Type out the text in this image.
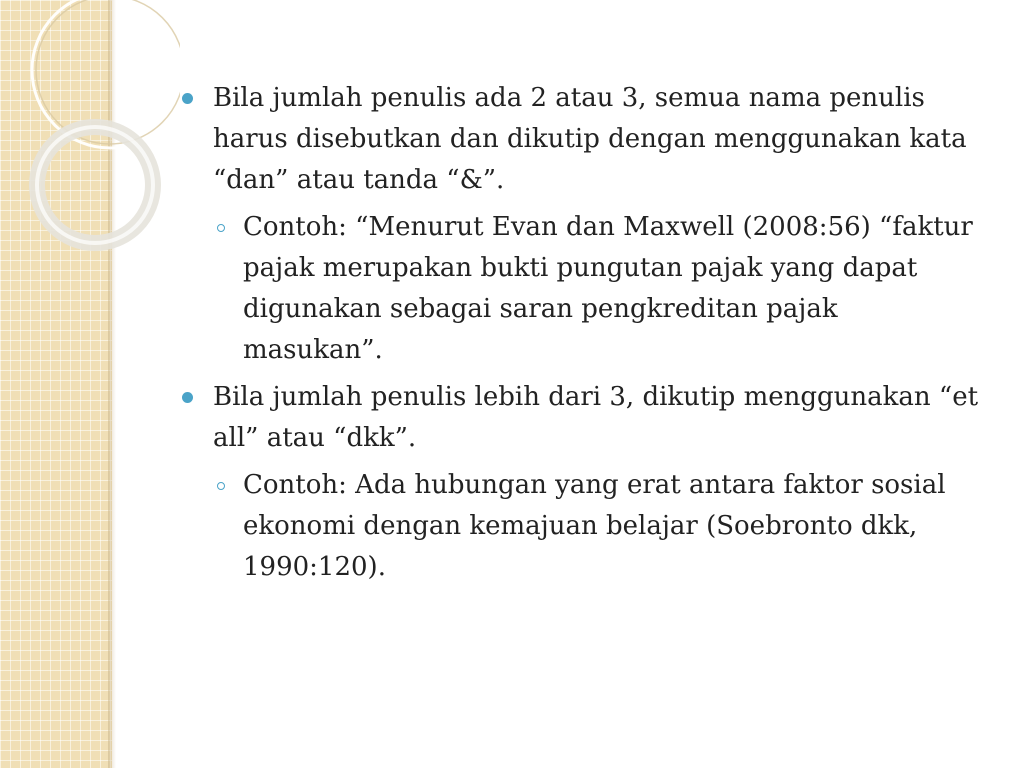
Bila jumlah penulis ada 2 atau 3, semua nama penulis harus disebutkan dan dikutip dengan menggunakan kata “dan” atau tanda “&”.
Contoh: “Menurut Evan dan Maxwell (2008:56) “faktur pajak merupakan bukti pungutan pajak yang dapat digunakan sebagai saran pengkreditan pajak masukan”.
Bila jumlah penulis lebih dari 3, dikutip menggunakan “et all” atau “dkk”.
Contoh: Ada hubungan yang erat antara faktor sosial ekonomi dengan kemajuan belajar (Soebronto dkk, 1990:120).
